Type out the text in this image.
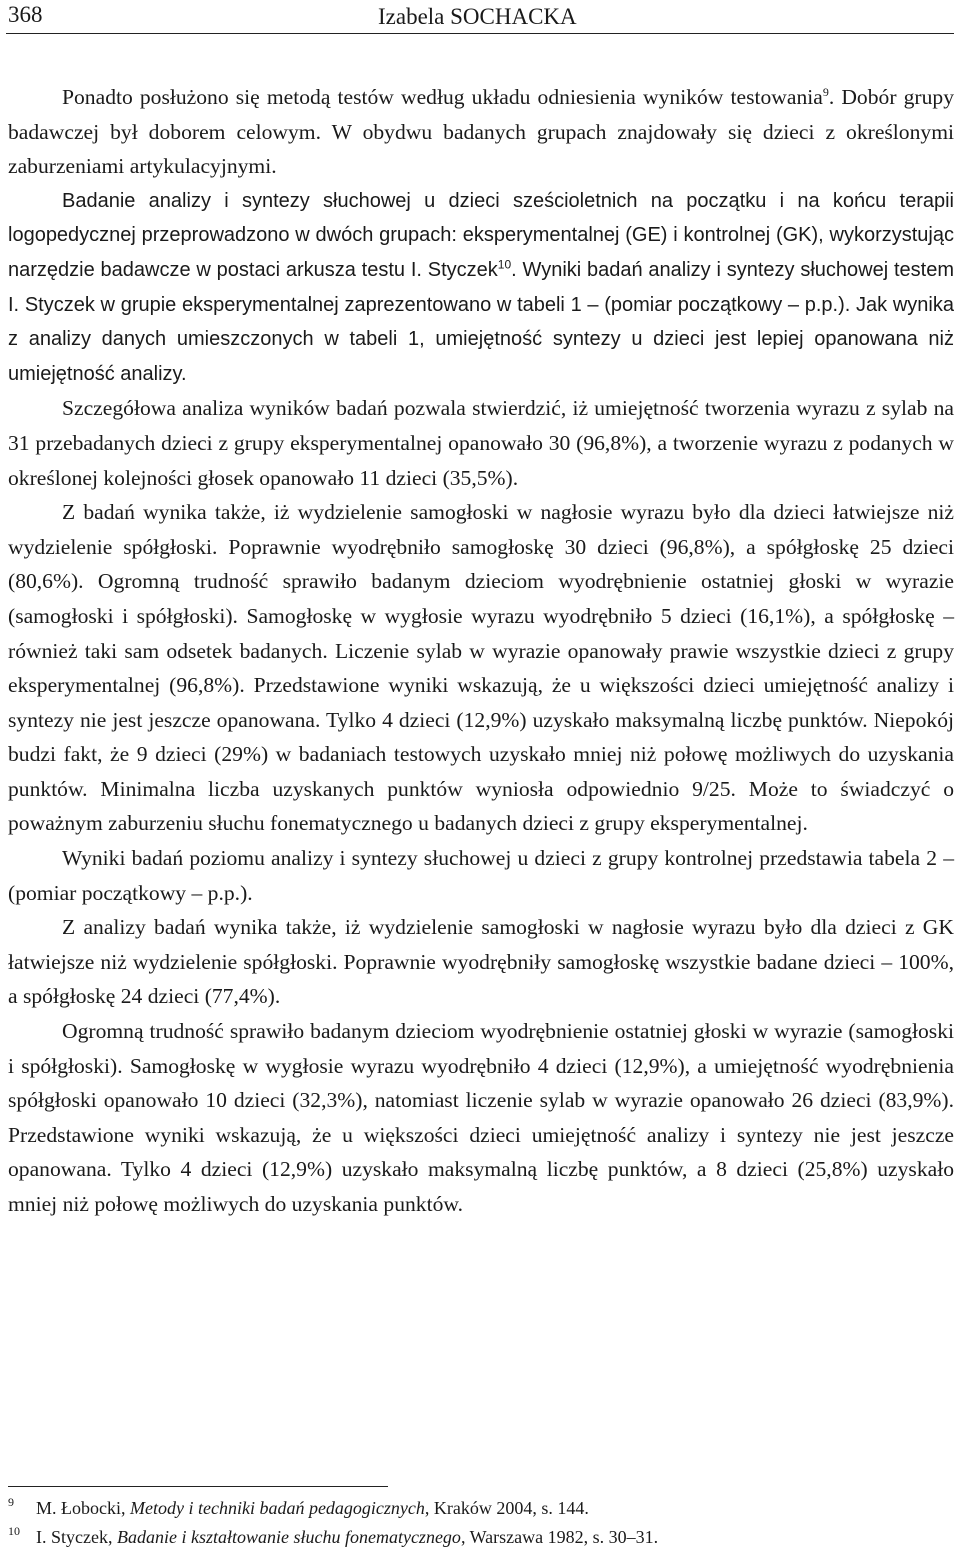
368	Izabela SOCHACKA

Ponadto posłużono się metodą testów według układu odniesienia wyników testowania$^9$. Dobór grupy badawczej był doborem celowym. W obydwu badanych grupach znajdowały się dzieci z określonymi zaburzeniami artykulacyjnymi.

Badanie analizy i syntezy słuchowej u dzieci sześcioletnich na początku i na końcu terapii logopedycznej przeprowadzono w dwóch grupach: eksperymentalnej (GE) i kontrolnej (GK), wykorzystując narzędzie badawcze w postaci arkusza testu I. Styczek$^{10}$. Wyniki badań analizy i syntezy słuchowej testem I. Styczek w grupie eksperymentalnej zaprezentowano w tabeli 1 – (pomiar początkowy – p.p.). Jak wynika z analizy danych umieszczonych w tabeli 1, umiejętność syntezy u dzieci jest lepiej opanowana niż umiejętność analizy.

Szczegółowa analiza wyników badań pozwala stwierdzić, iż umiejętność tworzenia wyrazu z sylab na 31 przebadanych dzieci z grupy eksperymentalnej opanowało 30 (96,8%), a tworzenie wyrazu z podanych w określonej kolejności głosek opanowało 11 dzieci (35,5%).

Z badań wynika także, iż wydzielenie samogłoski w nagłosie wyrazu było dla dzieci łatwiejsze niż wydzielenie spółgłoski. Poprawnie wyodrębniło samogłoskę 30 dzieci (96,8%), a spółgłoskę 25 dzieci (80,6%). Ogromną trudność sprawiło badanym dzieciom wyodrębnienie ostatniej głoski w wyrazie (samogłoski i spółgłoski). Samogłoskę w wygłosie wyrazu wyodrębniło 5 dzieci (16,1%), a spółgłoskę – również taki sam odsetek badanych. Liczenie sylab w wyrazie opanowały prawie wszystkie dzieci z grupy eksperymentalnej (96,8%). Przedstawione wyniki wskazują, że u większości dzieci umiejętność analizy i syntezy nie jest jeszcze opanowana. Tylko 4 dzieci (12,9%) uzyskało maksymalną liczbę punktów. Niepokój budzi fakt, że 9 dzieci (29%) w badaniach testowych uzyskało mniej niż połowę możliwych do uzyskania punktów. Minimalna liczba uzyskanych punktów wyniosła odpowiednio 9/25. Może to świadczyć o poważnym zaburzeniu słuchu fonematycznego u badanych dzieci z grupy eksperymentalnej.

Wyniki badań poziomu analizy i syntezy słuchowej u dzieci z grupy kontrolnej przedstawia tabela 2 – (pomiar początkowy – p.p.).

Z analizy badań wynika także, iż wydzielenie samogłoski w nagłosie wyrazu było dla dzieci z GK łatwiejsze niż wydzielenie spółgłoski. Poprawnie wyodrębniły samogłoskę wszystkie badane dzieci – 100%, a spółgłoskę 24 dzieci (77,4%).

Ogromną trudność sprawiło badanym dzieciom wyodrębnienie ostatniej głoski w wyrazie (samogłoski i spółgłoski). Samogłoskę w wygłosie wyrazu wyodrębniło 4 dzieci (12,9%), a umiejętność wyodrębnienia spółgłoski opanowało 10 dzieci (32,3%), natomiast liczenie sylab w wyrazie opanowało 26 dzieci (83,9%). Przedstawione wyniki wskazują, że u większości dzieci umiejętność analizy i syntezy nie jest jeszcze opanowana. Tylko 4 dzieci (12,9%) uzyskało maksymalną liczbę punktów, a 8 dzieci (25,8%) uzyskało mniej niż połowę możliwych do uzyskania punktów.

9 M. Łobocki, Metody i techniki badań pedagogicznych, Kraków 2004, s. 144.
10 I. Styczek, Badanie i kształtowanie słuchu fonematycznego, Warszawa 1982, s. 30–31.
